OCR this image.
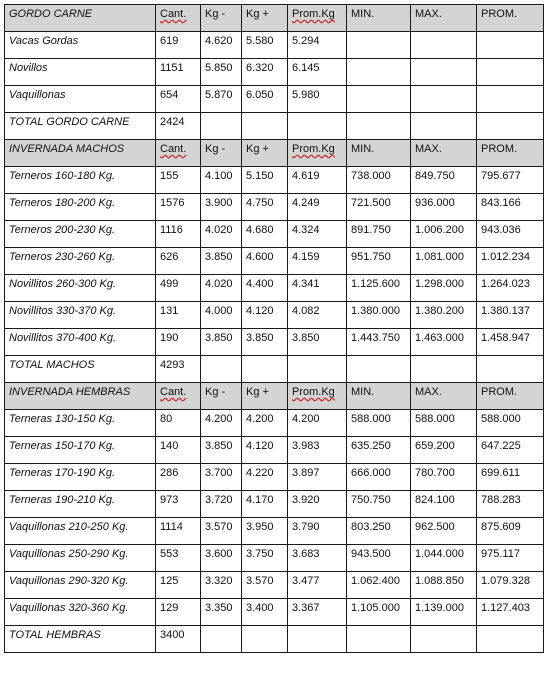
GORDO CARNE	Cant.	Kg -	Kg +	Prom.Kg	MIN.	MAX.	PROM.
Vacas Gordas	619	4.620	5.580	5.294			
Novillos	1151	5.850	6.320	6.145			
Vaquillonas	654	5.870	6.050	5.980			
TOTAL GORDO CARNE	2424						
INVERNADA MACHOS	Cant.	Kg -	Kg +	Prom.Kg	MIN.	MAX.	PROM.
Terneros 160-180 Kg.	155	4.100	5.150	4.619	738.000	849.750	795.677
Terneros 180-200 Kg.	1576	3.900	4.750	4.249	721.500	936.000	843.166
Terneros 200-230 Kg.	1116	4.020	4.680	4.324	891.750	1.006.200	943.036
Terneros 230-260 Kg.	626	3.850	4.600	4.159	951.750	1.081.000	1.012.234
Novillitos 260-300 Kg.	499	4.020	4.400	4.341	1.125.600	1.298.000	1.264.023
Novillitos 330-370 Kg.	131	4.000	4.120	4.082	1.380.000	1.380.200	1.380.137
Novillitos 370-400 Kg.	190	3.850	3.850	3.850	1.443.750	1.463.000	1.458.947
TOTAL MACHOS	4293						
INVERNADA HEMBRAS	Cant.	Kg -	Kg +	Prom.Kg	MIN.	MAX.	PROM.
Terneras 130-150 Kg.	80	4.200	4.200	4.200	588.000	588.000	588.000
Terneras 150-170 Kg.	140	3.850	4.120	3.983	635.250	659.200	647.225
Terneras 170-190 Kg.	286	3.700	4.220	3.897	666.000	780.700	699.611
Terneras 190-210 Kg.	973	3.720	4.170	3.920	750.750	824.100	788.283
Vaquillonas 210-250 Kg.	1114	3.570	3.950	3.790	803.250	962.500	875.609
Vaquillonas 250-290 Kg.	553	3.600	3.750	3.683	943.500	1.044.000	975.117
Vaquillonas 290-320 Kg.	125	3.320	3.570	3.477	1.062.400	1.088.850	1.079.328
Vaquillonas 320-360 Kg.	129	3.350	3.400	3.367	1.105.000	1.139.000	1.127.403
TOTAL HEMBRAS	3400						
